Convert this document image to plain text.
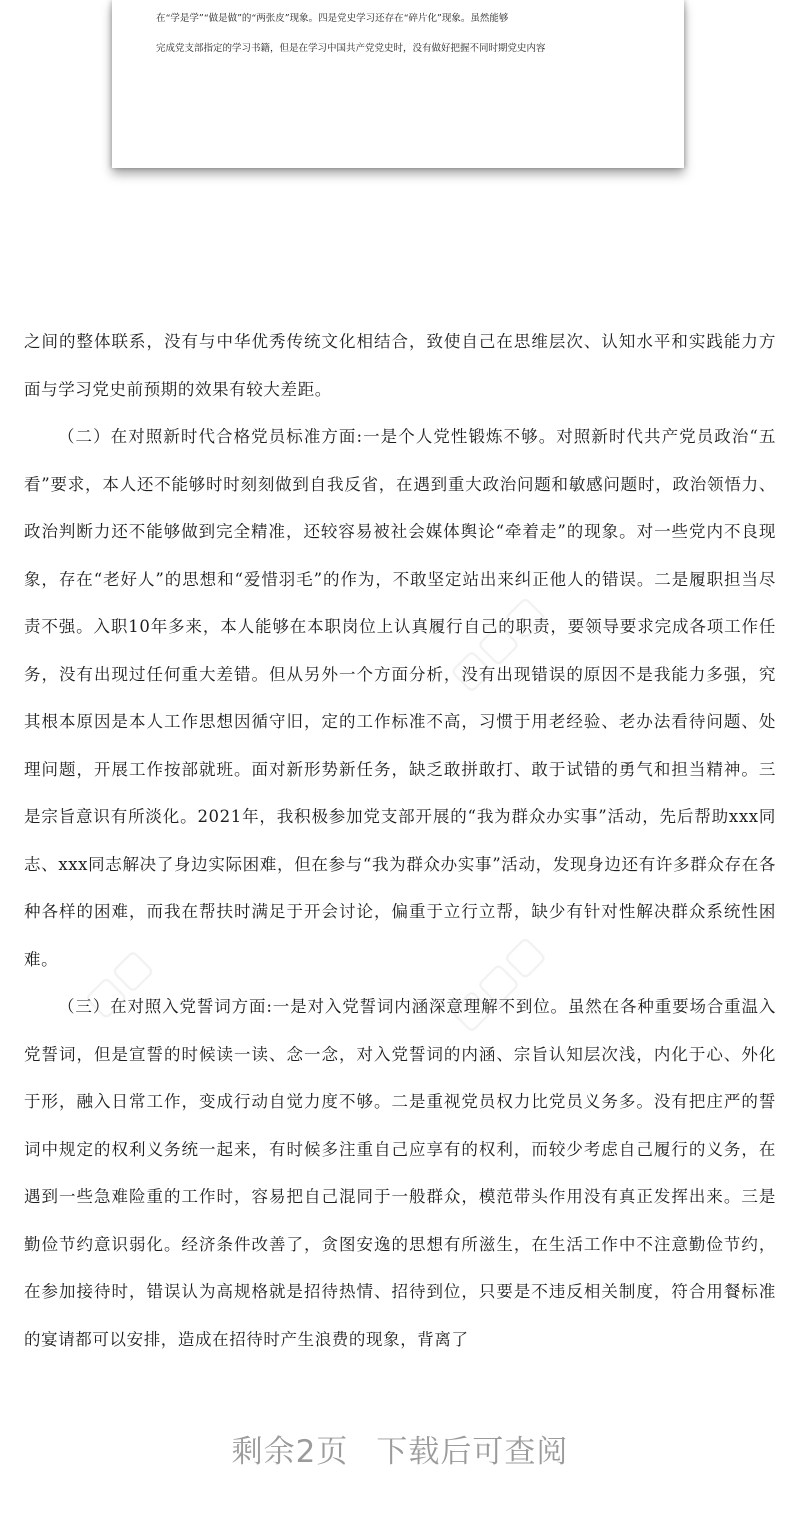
在“学是学”“做是做”的“两张皮”现象。四是党史学习还存在“碎片化”现象。虽然能够
完成党支部指定的学习书籍，但是在学习中国共产党党史时，没有做好把握不同时期党史内容

之间的整体联系，没有与中华优秀传统文化相结合，致使自己在思维层次、认知水平和实践能力方面与学习党史前预期的效果有较大差距。

（二）在对照新时代合格党员标准方面:一是个人党性锻炼不够。对照新时代共产党员政治“五看”要求，本人还不能够时时刻刻做到自我反省，在遇到重大政治问题和敏感问题时，政治领悟力、政治判断力还不能够做到完全精准，还较容易被社会媒体舆论“牵着走”的现象。对一些党内不良现象，存在“老好人”的思想和“爱惜羽毛”的作为，不敢坚定站出来纠正他人的错误。二是履职担当尽责不强。入职10年多来，本人能够在本职岗位上认真履行自己的职责，要领导要求完成各项工作任务，没有出现过任何重大差错。但从另外一个方面分析，没有出现错误的原因不是我能力多强，究其根本原因是本人工作思想因循守旧，定的工作标准不高，习惯于用老经验、老办法看待问题、处理问题，开展工作按部就班。面对新形势新任务，缺乏敢拼敢打、敢于试错的勇气和担当精神。三是宗旨意识有所淡化。2021年，我积极参加党支部开展的“我为群众办实事”活动，先后帮助xxx同志、xxx同志解决了身边实际困难，但在参与“我为群众办实事”活动，发现身边还有许多群众存在各种各样的困难，而我在帮扶时满足于开会讨论，偏重于立行立帮，缺少有针对性解决群众系统性困难。

（三）在对照入党誓词方面:一是对入党誓词内涵深意理解不到位。虽然在各种重要场合重温入党誓词，但是宣誓的时候读一读、念一念，对入党誓词的内涵、宗旨认知层次浅，内化于心、外化于形，融入日常工作，变成行动自觉力度不够。二是重视党员权力比党员义务多。没有把庄严的誓词中规定的权利义务统一起来，有时候多注重自己应享有的权利，而较少考虑自己履行的义务，在遇到一些急难险重的工作时，容易把自己混同于一般群众，模范带头作用没有真正发挥出来。三是勤俭节约意识弱化。经济条件改善了，贪图安逸的思想有所滋生，在生活工作中不注意勤俭节约，在参加接待时，错误认为高规格就是招待热情、招待到位，只要是不违反相关制度，符合用餐标准的宴请都可以安排，造成在招待时产生浪费的现象，背离了

▢▢▢
▢▢▢
▢▢
剩余2页 下载后可查阅
